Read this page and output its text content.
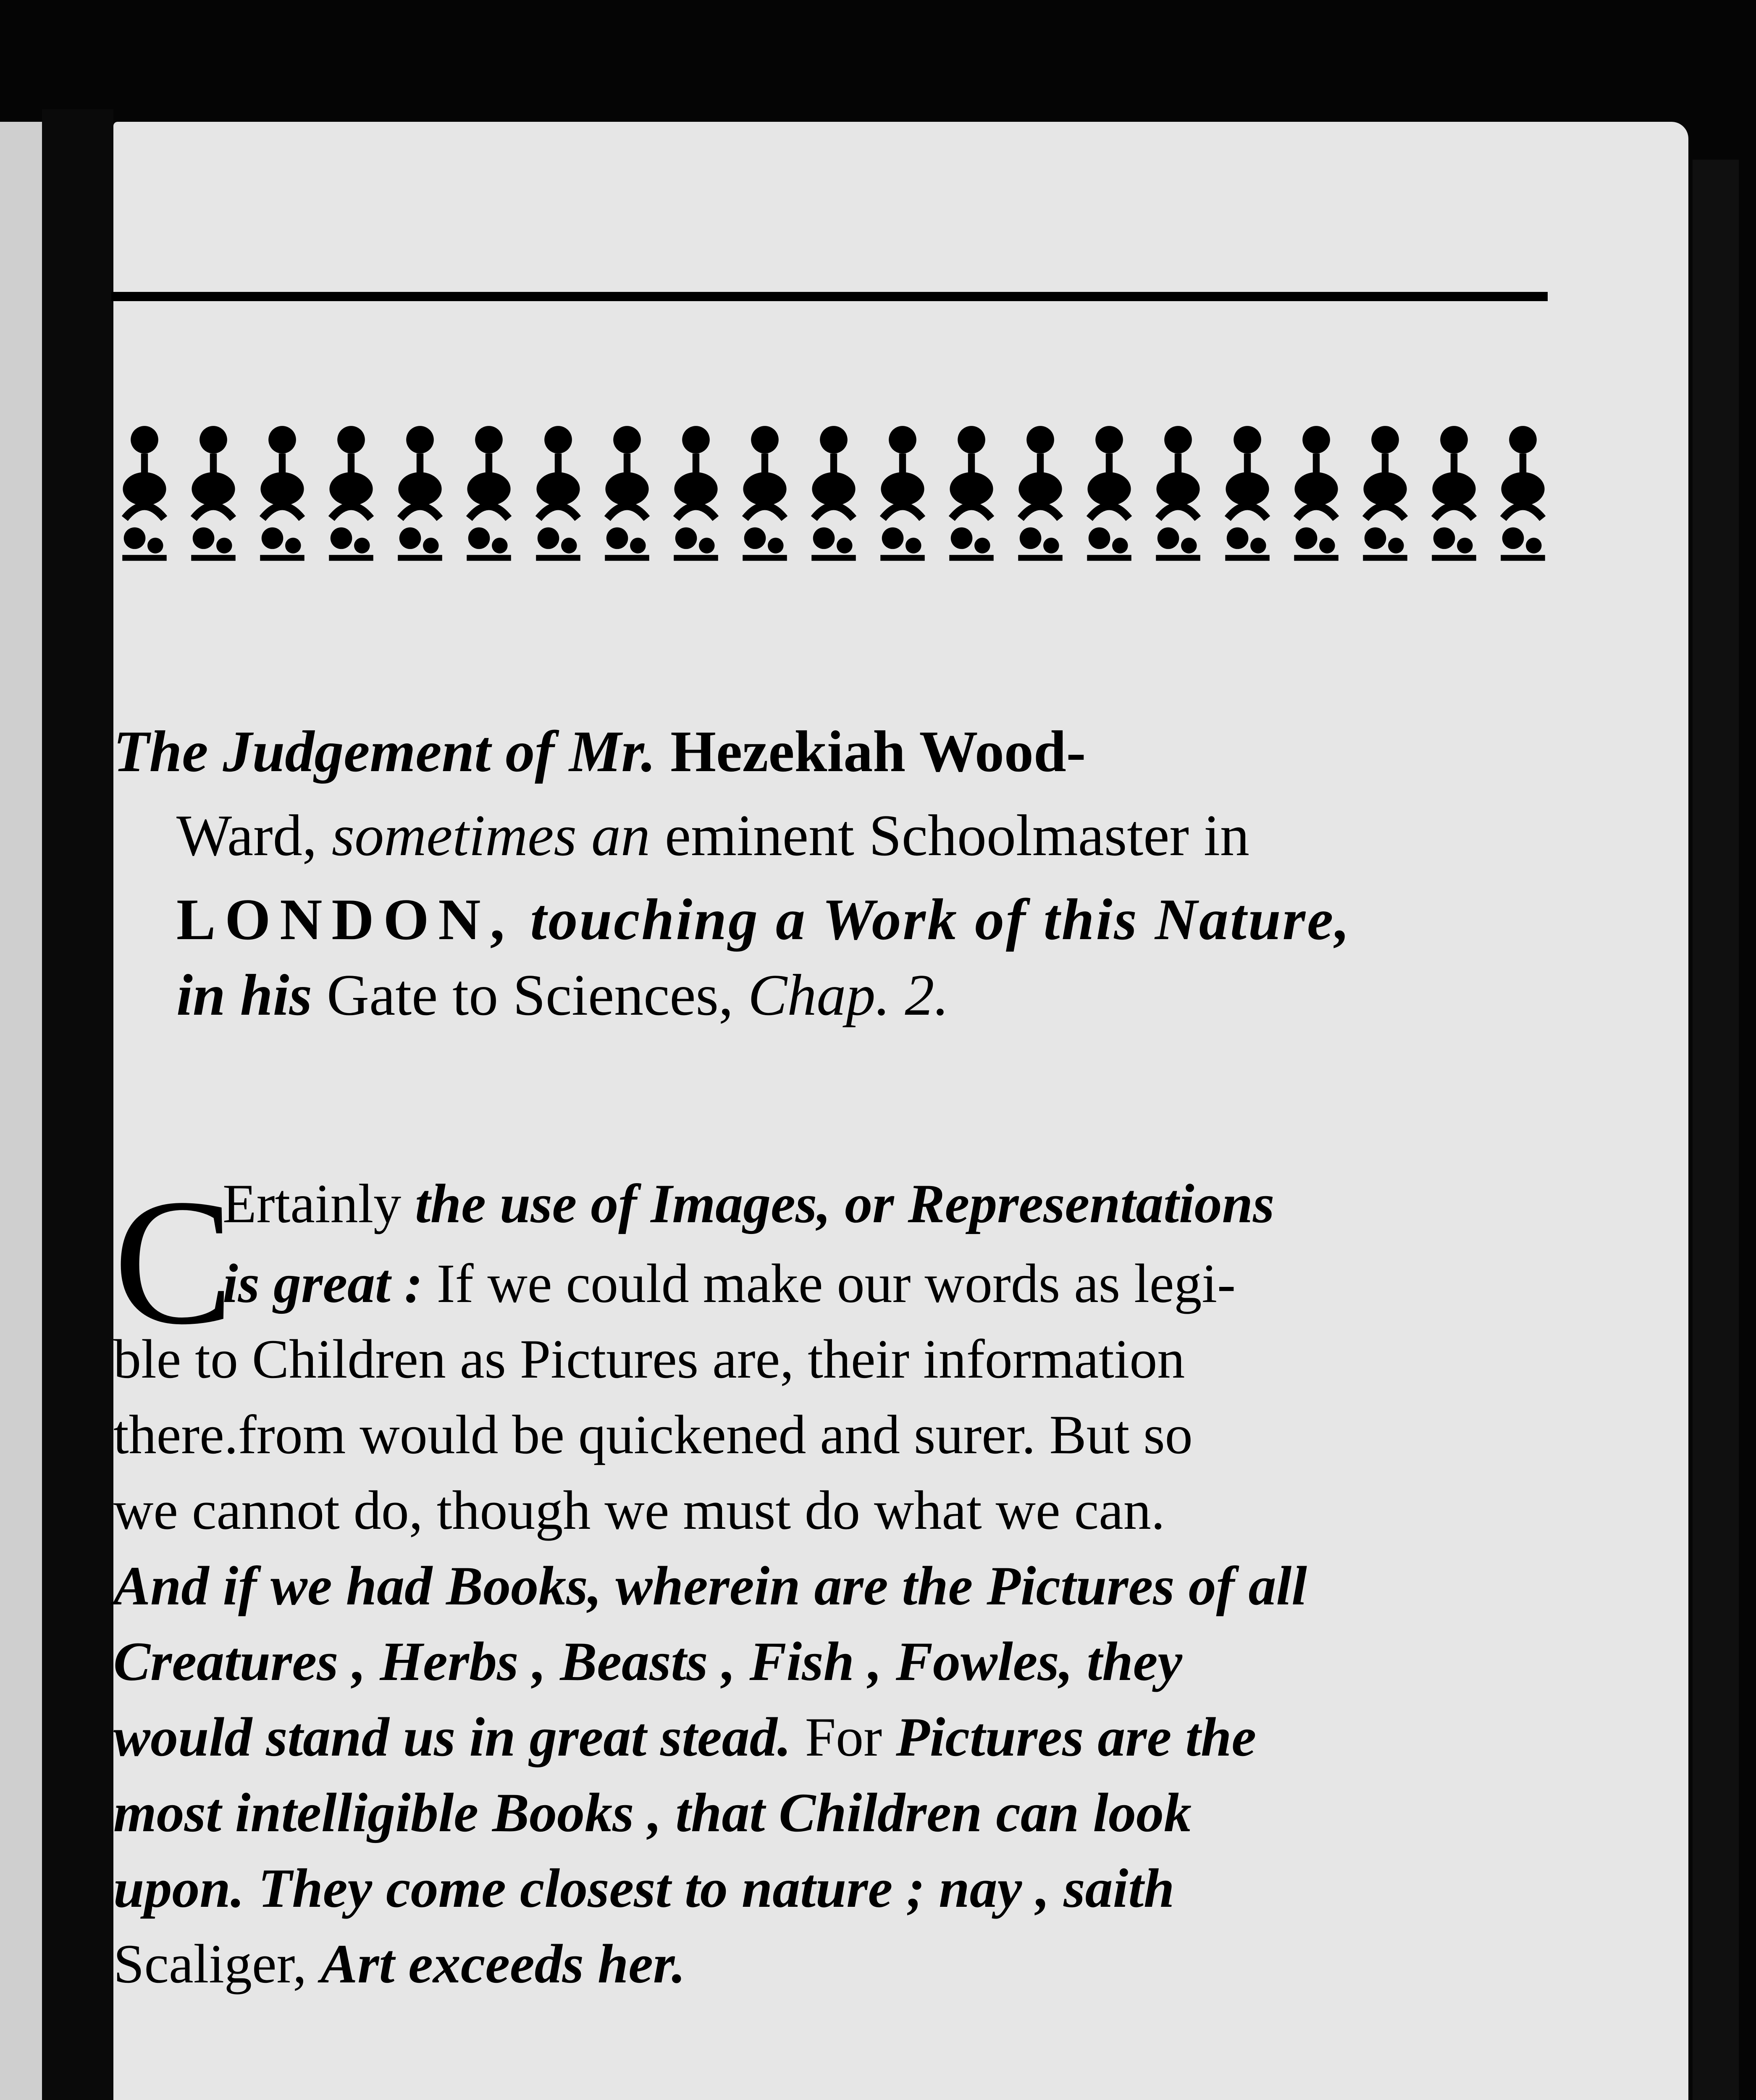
The Judgement of Mr. Hezekiah Wood-
Ward, sometimes an eminent Schoolmaster in
LONDON, touching a Work of this Nature,
in his Gate to Sciences, Chap. 2.
C
Ertainly the use of Images, or Representations
is great : If we could make our words as legi-
ble to Children as Pictures are, their information
there.from would be quickened and surer. But so
we cannot do, though we must do what we can.
And if we had Books, wherein are the Pictures of all
Creatures , Herbs , Beasts , Fish , Fowles, they
would stand us in great stead. For Pictures are the
most intelligible Books , that Children can look
upon. They come closest to nature ; nay , saith
Scaliger, Art exceeds her.
